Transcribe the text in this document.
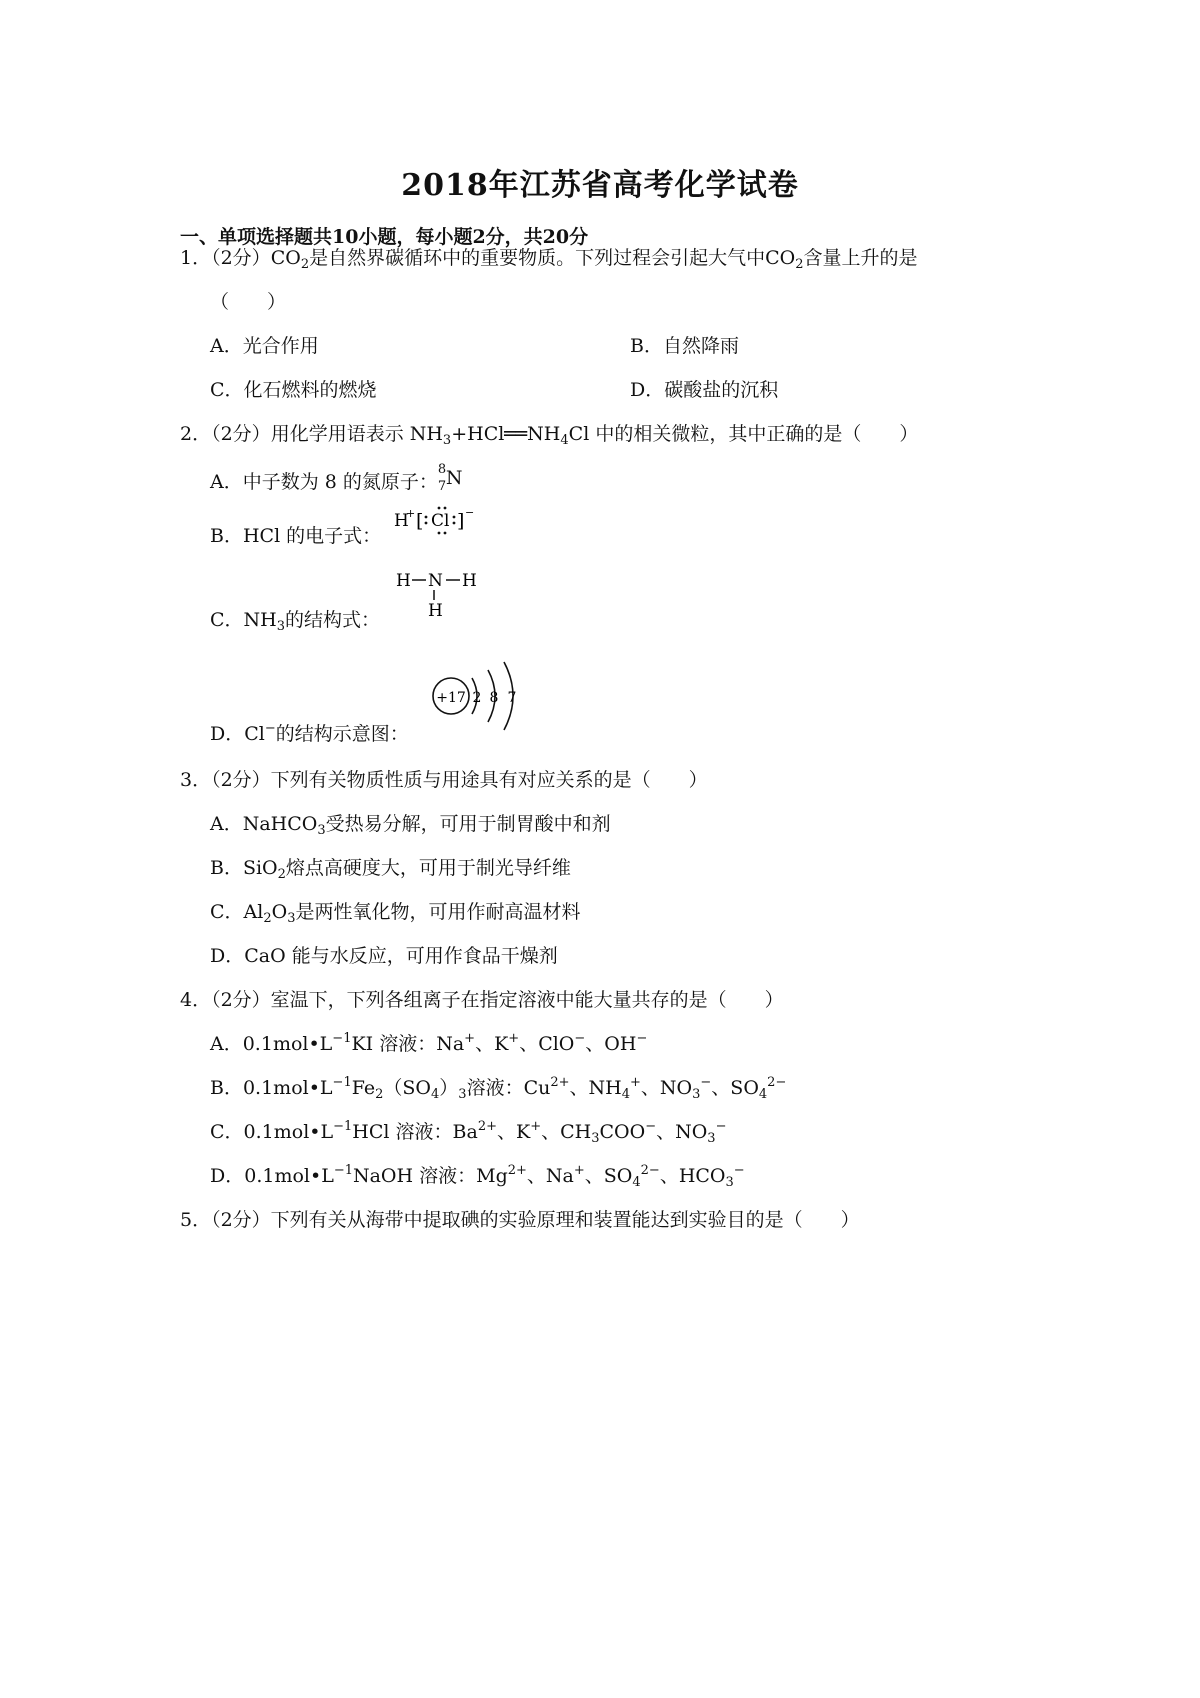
2018年江苏省高考化学试卷
一、单项选择题共10小题，每小题2分，共20分
1．（2分）$CO_2$是自然界碳循环中的重要物质。下列过程会引起大气中$CO_2$含量上升的是
（　　）
A．光合作用	B．自然降雨
C．化石燃料的燃烧	D．碳酸盐的沉积
2．（2分）用化学用语表示 $NH_3+HCl══NH_4Cl$ 中的相关微粒，其中正确的是（　　）
A．中子数为 8 的氮原子：
8
7 N
B．HCl 的电子式：
H
+ [ Cl ] −
C．$NH_3$的结构式：
H N H
H
D．Cl−的结构示意图：
+17 2 8 7
3．（2分）下列有关物质性质与用途具有对应关系的是（　　）
A．NaHCO$_3$受热易分解，可用于制胃酸中和剂
B．SiO$_2$熔点高硬度大，可用于制光导纤维
C．$Al_2O_3$是两性氧化物，可用作耐高温材料
D．CaO 能与水反应，可用作食品干燥剂
4．（2分）室温下，下列各组离子在指定溶液中能大量共存的是（　　）
A．$0.1mol•L^{-1}KI$ 溶液：Na+、K+、ClO−、OH−
B．$0.1mol•L^{-1}Fe_2(SO_4)_3$溶液：$Cu^{2+}$、$NH_4^+$、$NO_3^-$、$SO_4^{2-}$
C．$0.1mol•L^{-1}HCl$ 溶液：$Ba^{2+}$、K+、$CH_3COO^-$、$NO_3^-$
D．$0.1mol•L^{-1}NaOH$ 溶液：$Mg^{2+}$、Na+、$SO_4^{2-}$、$HCO_3^-$
5．（2分）下列有关从海带中提取碘的实验原理和装置能达到实验目的是（　　）
